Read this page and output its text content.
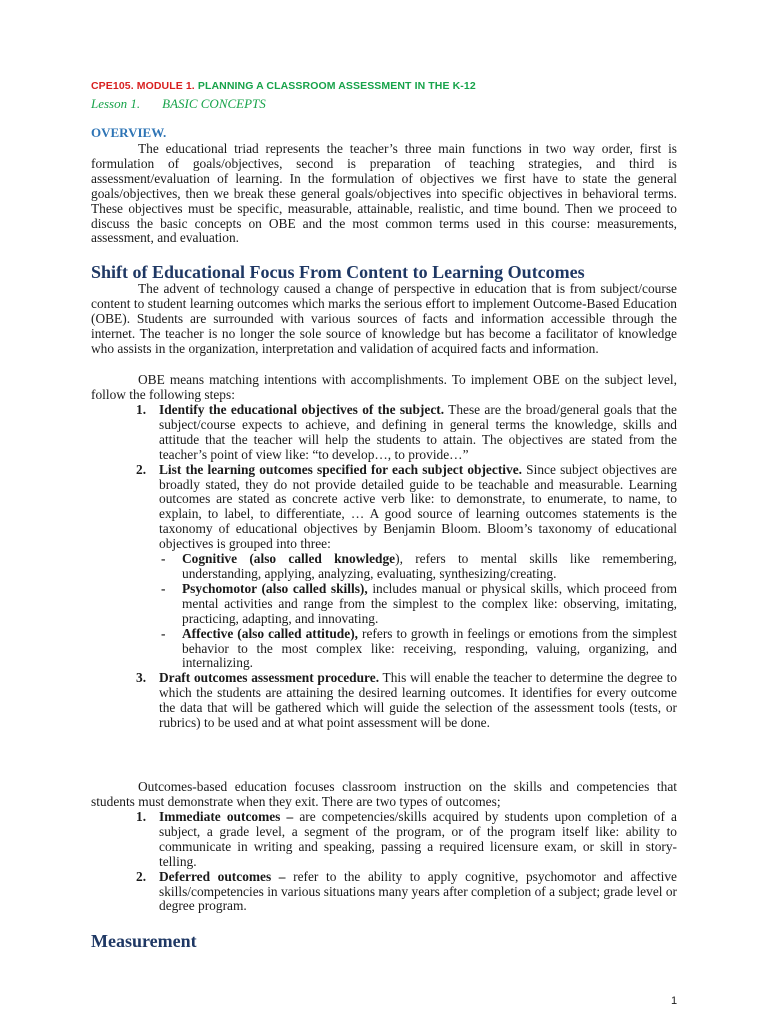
CPE105. MODULE 1. PLANNING A CLASSROOM ASSESSMENT IN THE K-12
Lesson 1. BASIC CONCEPTS
OVERVIEW.

The educational triad represents the teacher’s three main functions in two way order, first is formulation of goals/objectives, second is preparation of teaching strategies, and third is assessment/evaluation of learning. In the formulation of objectives we first have to state the general goals/objectives, then we break these general goals/objectives into specific objectives in behavioral terms. These objectives must be specific, measurable, attainable, realistic, and time bound. Then we proceed to discuss the basic concepts on OBE and the most common terms used in this course: measurements, assessment, and evaluation.

Shift of Educational Focus From Content to Learning Outcomes

The advent of technology caused a change of perspective in education that is from subject/course content to student learning outcomes which marks the serious effort to implement Outcome-Based Education (OBE). Students are surrounded with various sources of facts and information accessible through the internet. The teacher is no longer the sole source of knowledge but has become a facilitator of knowledge who assists in the organization, interpretation and validation of acquired facts and information.

OBE means matching intentions with accomplishments. To implement OBE on the subject level, follow the following steps:

1. Identify the educational objectives of the subject. These are the broad/general goals that the subject/course expects to achieve, and defining in general terms the knowledge, skills and attitude that the teacher will help the students to attain. The objectives are stated from the teacher’s point of view like: “to develop…, to provide…”
2. List the learning outcomes specified for each subject objective. Since subject objectives are broadly stated, they do not provide detailed guide to be teachable and measurable. Learning outcomes are stated as concrete active verb like: to demonstrate, to enumerate, to name, to explain, to label, to differentiate, … A good source of learning outcomes statements is the taxonomy of educational objectives by Benjamin Bloom. Bloom’s taxonomy of educational objectives is grouped into three:
- Cognitive (also called knowledge), refers to mental skills like remembering, understanding, applying, analyzing, evaluating, synthesizing/creating.
- Psychomotor (also called skills), includes manual or physical skills, which proceed from mental activities and range from the simplest to the complex like: observing, imitating, practicing, adapting, and innovating.
- Affective (also called attitude), refers to growth in feelings or emotions from the simplest behavior to the most complex like: receiving, responding, valuing, organizing, and internalizing.
3. Draft outcomes assessment procedure. This will enable the teacher to determine the degree to which the students are attaining the desired learning outcomes. It identifies for every outcome the data that will be gathered which will guide the selection of the assessment tools (tests, or rubrics) to be used and at what point assessment will be done.

Outcomes-based education focuses classroom instruction on the skills and competencies that students must demonstrate when they exit. There are two types of outcomes;

1. Immediate outcomes – are competencies/skills acquired by students upon completion of a subject, a grade level, a segment of the program, or of the program itself like: ability to communicate in writing and speaking, passing a required licensure exam, or skill in story-telling.
2. Deferred outcomes – refer to the ability to apply cognitive, psychomotor and affective skills/competencies in various situations many years after completion of a subject; grade level or degree program.
Measurement
1
